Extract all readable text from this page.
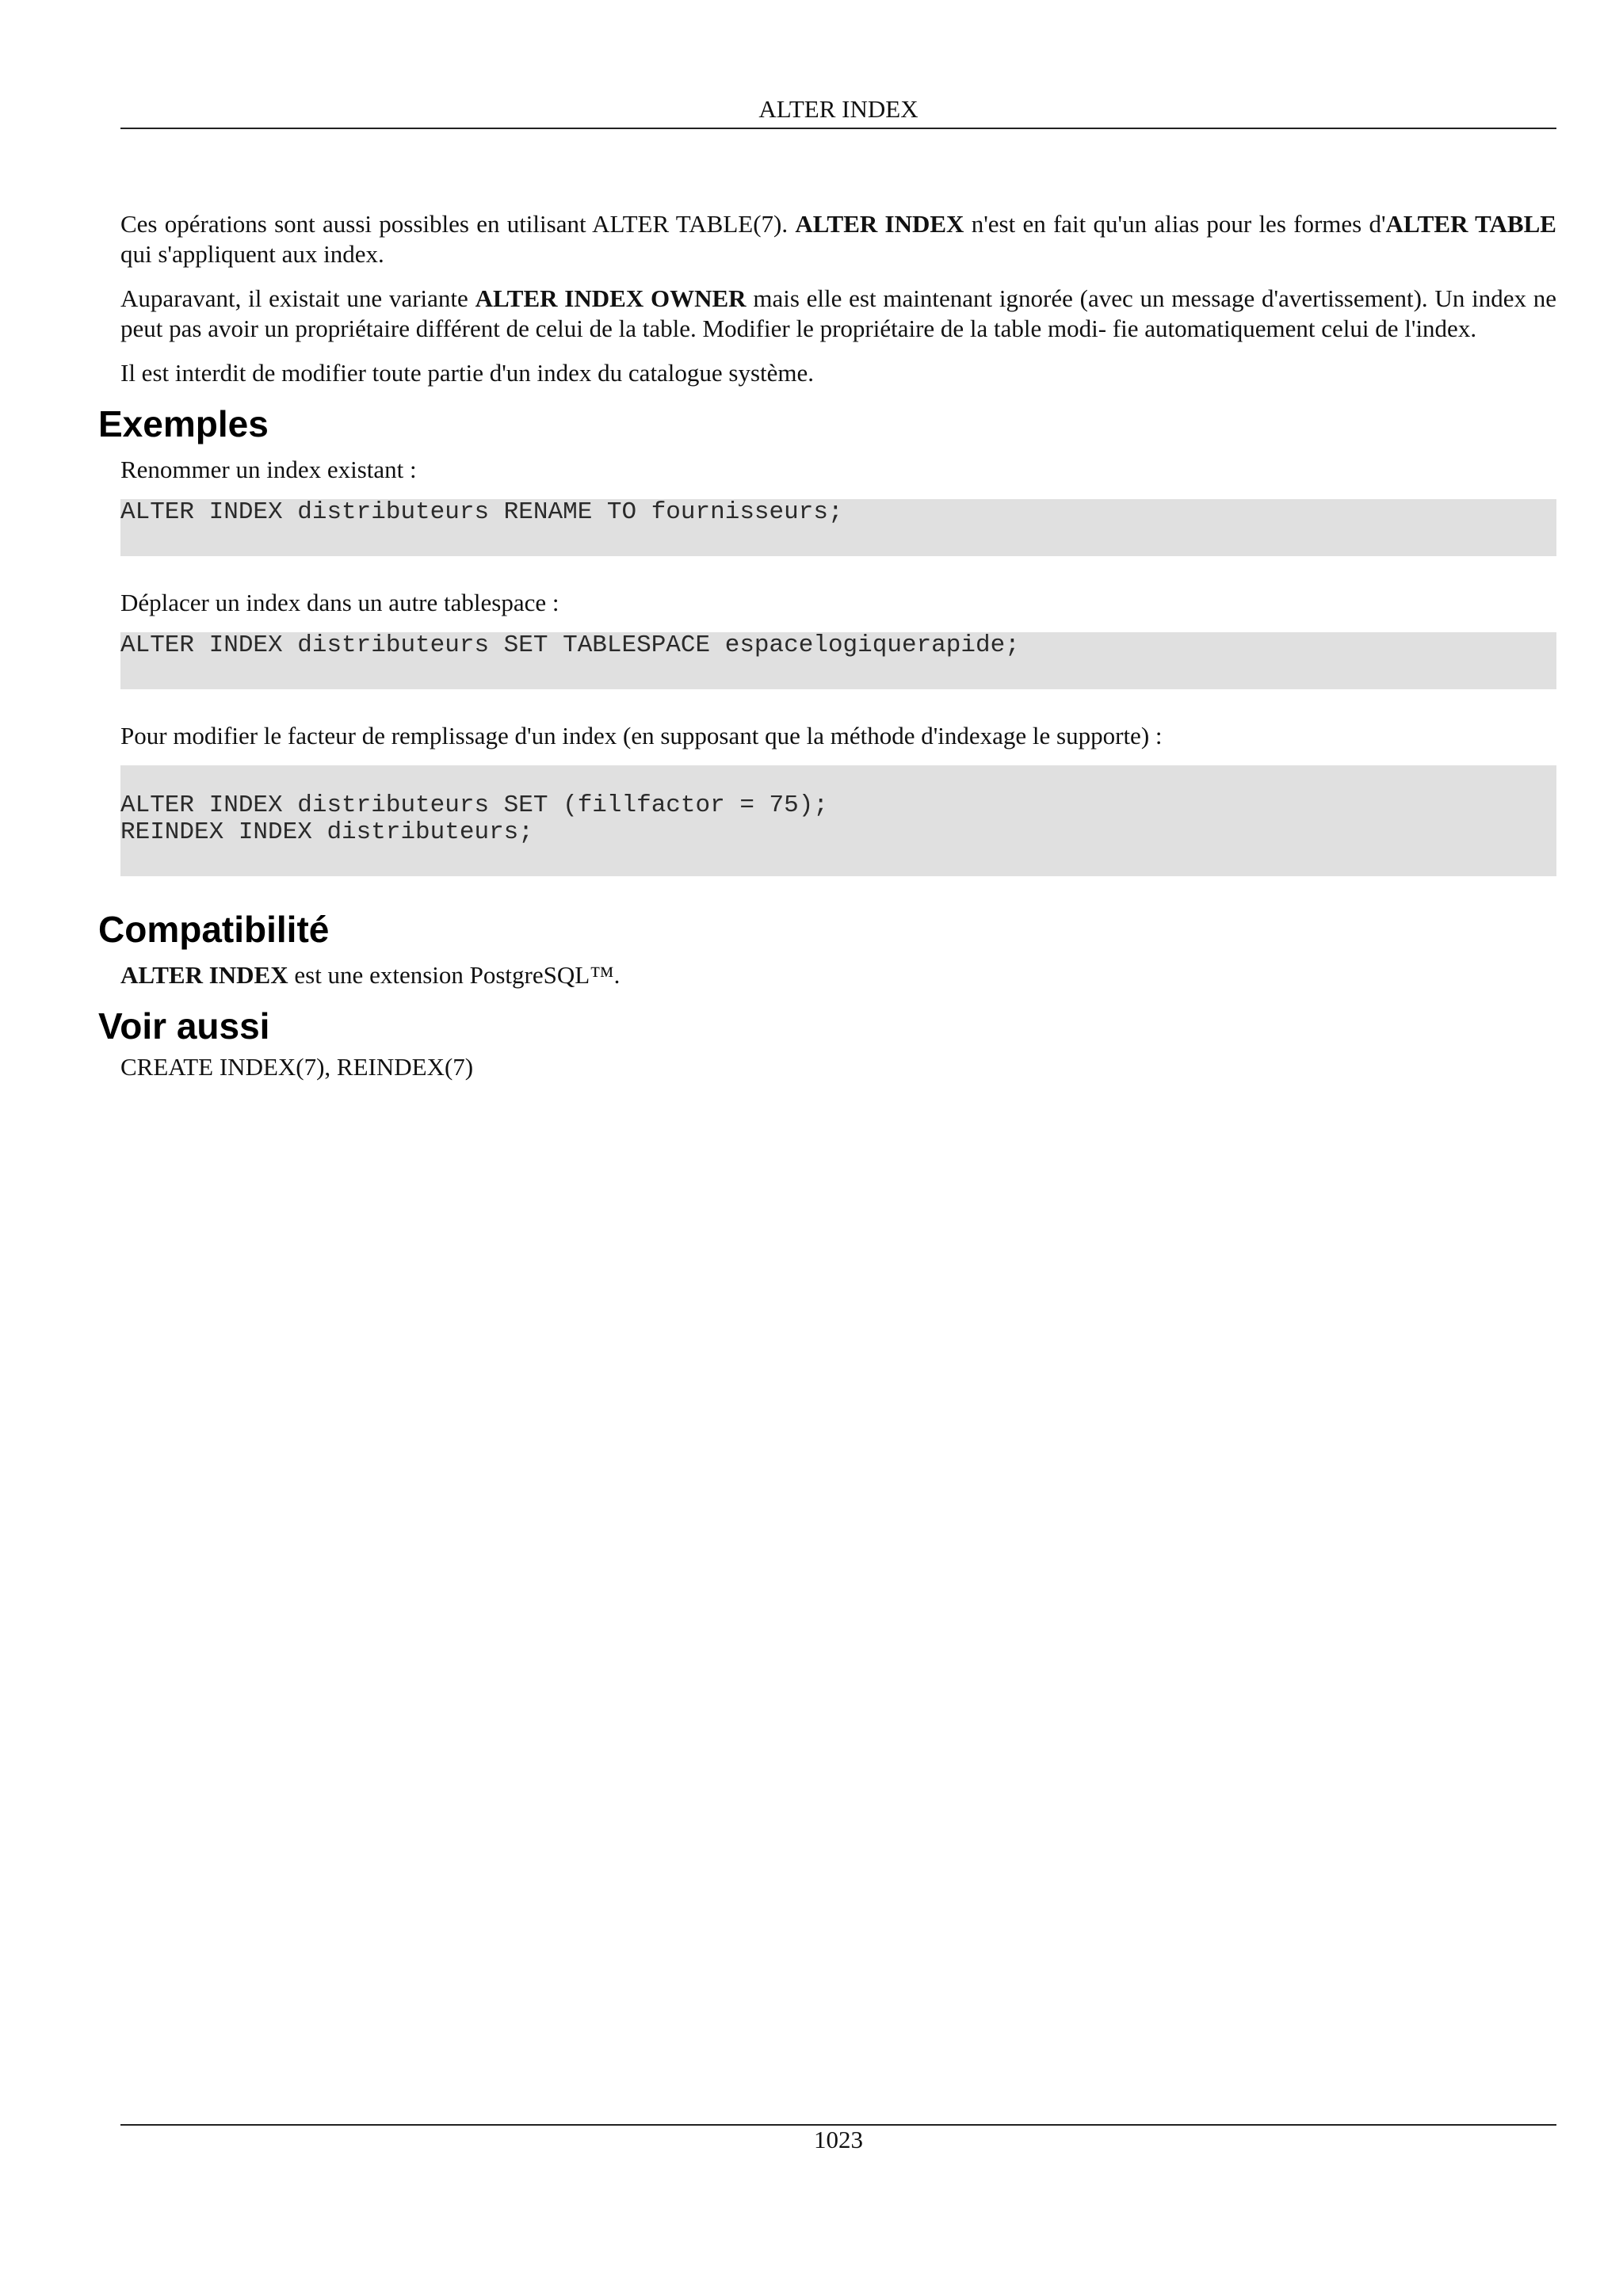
ALTER INDEX

Ces opérations sont aussi possibles en utilisant ALTER TABLE(7). ALTER INDEX n'est en fait qu'un alias pour les formes d'ALTER TABLE qui s'appliquent aux index.

Auparavant, il existait une variante ALTER INDEX OWNER mais elle est maintenant ignorée (avec un message d'avertissement). Un index ne peut pas avoir un propriétaire différent de celui de la table. Modifier le propriétaire de la table modi- fie automatiquement celui de l'index.

Il est interdit de modifier toute partie d'un index du catalogue système.

Exemples

Renommer un index existant :

ALTER INDEX distributeurs RENAME TO fournisseurs;

Déplacer un index dans un autre tablespace :

ALTER INDEX distributeurs SET TABLESPACE espacelogiquerapide;

Pour modifier le facteur de remplissage d'un index (en supposant que la méthode d'indexage le supporte) :

ALTER INDEX distributeurs SET (fillfactor = 75);
REINDEX INDEX distributeurs;
Compatibilité

ALTER INDEX est une extension PostgreSQL™.

Voir aussi

CREATE INDEX(7), REINDEX(7)

1023
